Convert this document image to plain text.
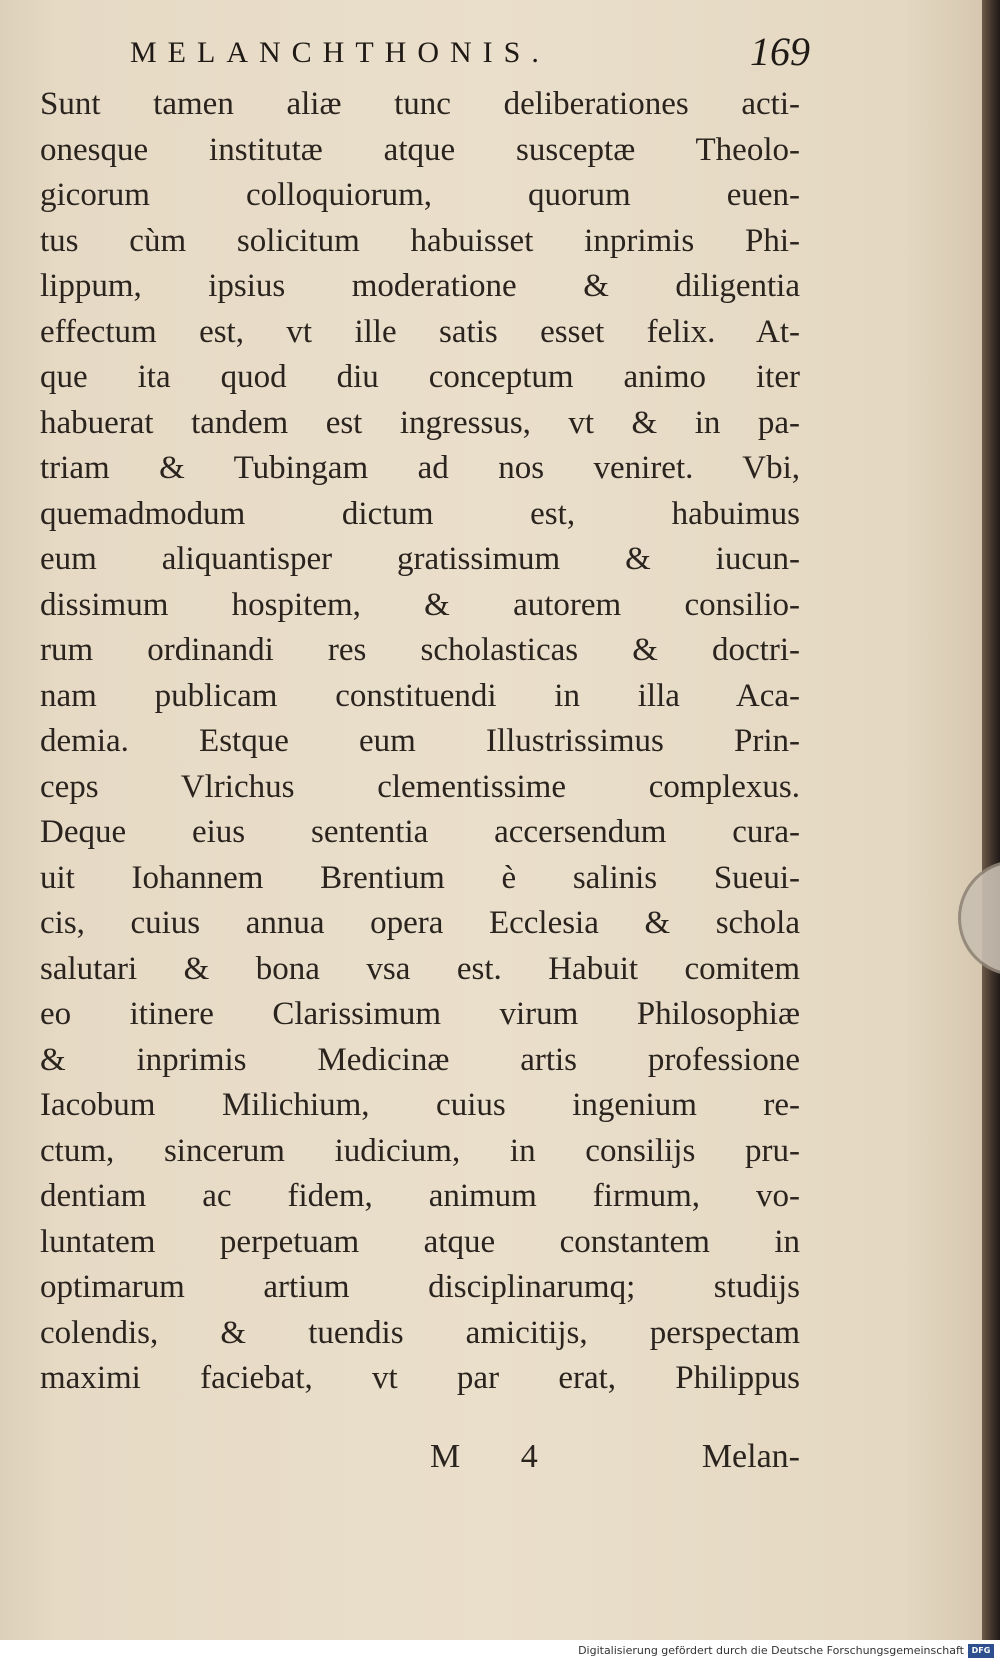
MELANCHTHONIS.	169
Sunt tamen aliæ tunc deliberationes acti-
onesque institutæ atque susceptæ Theolo-
gicorum colloquiorum, quorum euen-
tus cùm solicitum habuisset inprimis Phi-
lippum, ipsius moderatione & diligentia
effectum est, vt ille satis esset felix. At-
que ita quod diu conceptum animo iter
habuerat tandem est ingressus, vt & in pa-
triam & Tubingam ad nos veniret. Vbi,
quemadmodum dictum est, habuimus
eum aliquantisper gratissimum & iucun-
dissimum hospitem, & autorem consilio-
rum ordinandi res scholasticas & doctri-
nam publicam constituendi in illa Aca-
demia. Estque eum Illustrissimus Prin-
ceps Vlrichus clementissime complexus.
Deque eius sententia accersendum cura-
uit Iohannem Brentium è salinis Sueui-
cis, cuius annua opera Ecclesia & schola
salutari & bona vsa est. Habuit comitem
eo itinere Clarissimum virum Philosophiæ
& inprimis Medicinæ artis professione
Iacobum Milichium, cuius ingenium re-
ctum, sincerum iudicium, in consilijs pru-
dentiam ac fidem, animum firmum, vo-
luntatem perpetuam atque constantem in
optimarum artium disciplinarumq; studijs
colendis, & tuendis amicitijs, perspectam
maximi faciebat, vt par erat, Philippus
M 4	Melan-
Digitalisierung gefördert durch die Deutsche Forschungsgemeinschaft DFG
